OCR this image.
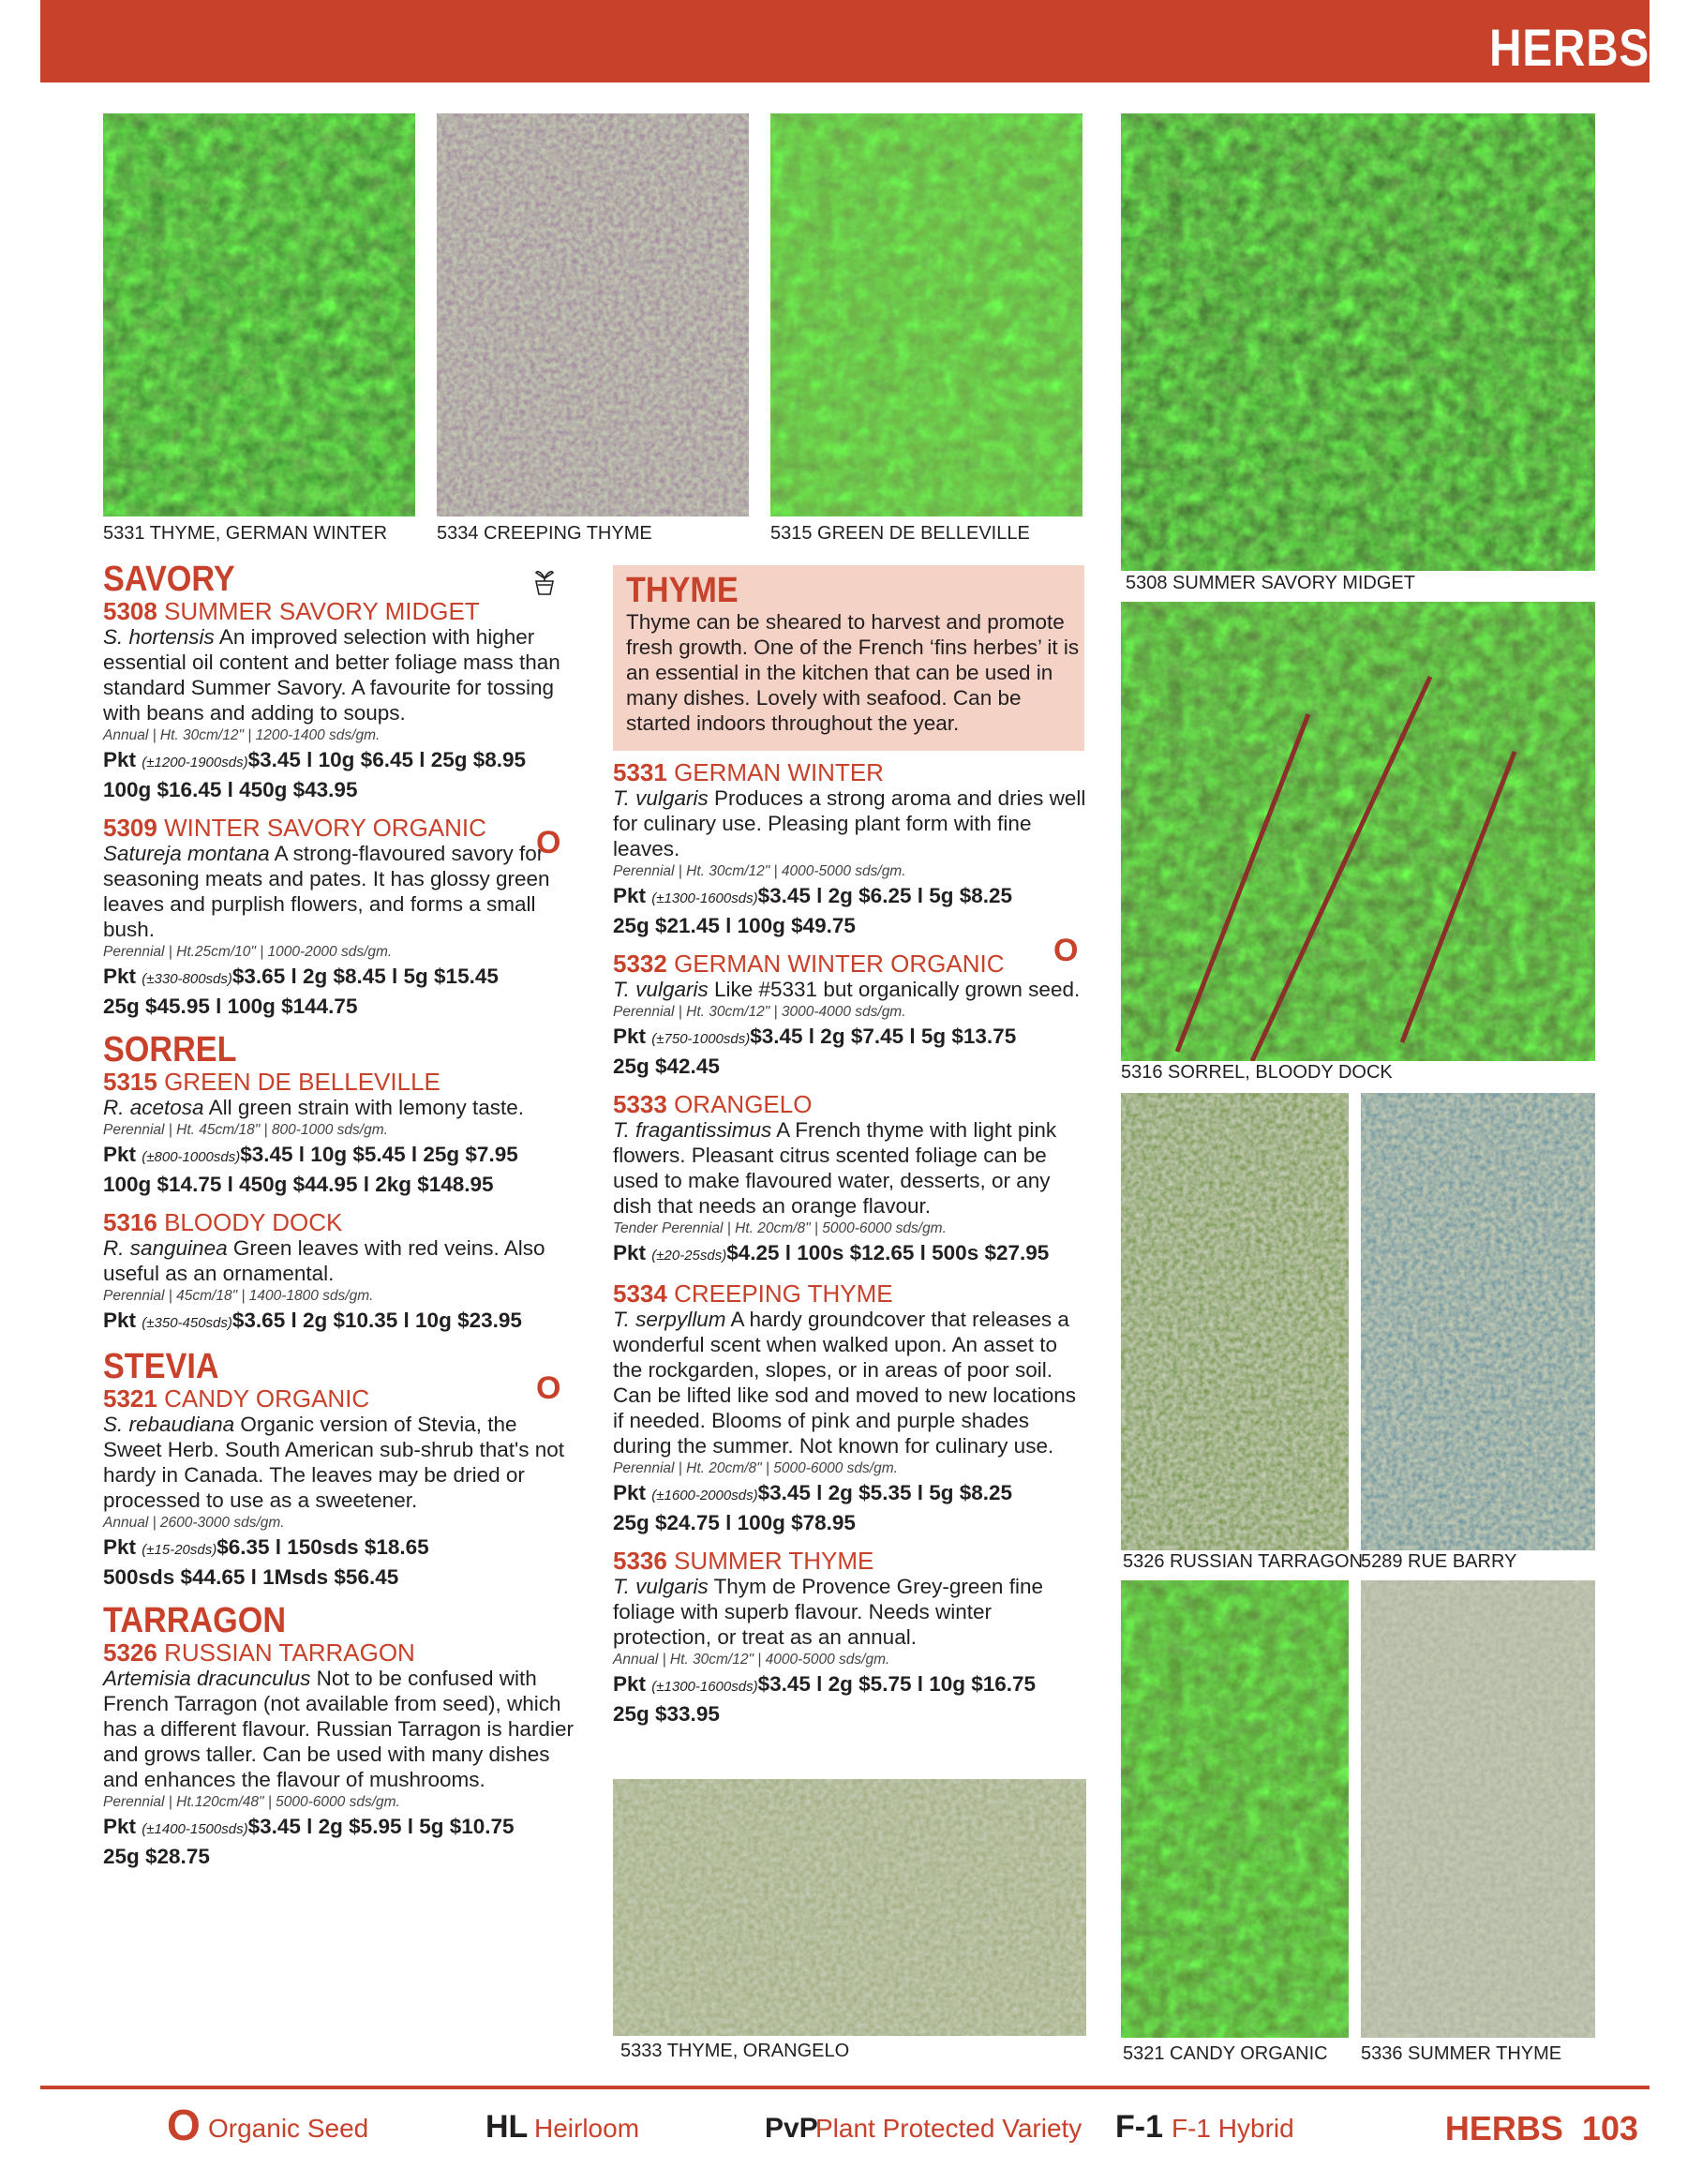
HERBS
5331 THYME, GERMAN WINTER	5334 CREEPING THYME	5315 GREEN DE BELLEVILLE
5308 SUMMER SAVORY MIDGET
5316 SORREL, BLOODY DOCK
5326 RUSSIAN TARRAGON
5289 RUE BARRY
5333 THYME, ORANGELO	5321 CANDY ORGANIC 5336 SUMMER THYME
SAVORY
5308 SUMMER SAVORY MIDGET
S. hortensis An improved selection with higher essential oil content and better foliage mass than standard Summer Savory. A favourite for tossing with beans and adding to soups.
Annual | Ht. 30cm/12" | 1200-1400 sds/gm.
Pkt (±1200-1900sds)$3.45 l 10g $6.45 l 25g $8.95
100g $16.45 l 450g $43.95
5309 WINTER SAVORY ORGANIC
Satureja montana A strong-flavoured savory for seasoning meats and pates. It has glossy green leaves and purplish flowers, and forms a small bush.
Perennial | Ht.25cm/10" | 1000-2000 sds/gm.
Pkt (±330-800sds)$3.65 l 2g $8.45 l 5g $15.45
25g $45.95 l 100g $144.75
SORREL
5315 GREEN DE BELLEVILLE
R. acetosa All green strain with lemony taste.
Perennial | Ht. 45cm/18" | 800-1000 sds/gm.
Pkt (±800-1000sds)$3.45 l 10g $5.45 l 25g $7.95
100g $14.75 l 450g $44.95 l 2kg $148.95
5316 BLOODY DOCK
R. sanguinea Green leaves with red veins. Also useful as an ornamental.
Perennial | 45cm/18" | 1400-1800 sds/gm.
Pkt (±350-450sds)$3.65 l 2g $10.35 l 10g $23.95
STEVIA
5321 CANDY ORGANIC
S. rebaudiana Organic version of Stevia, the Sweet Herb. South American sub-shrub that's not hardy in Canada. The leaves may be dried or processed to use as a sweetener.
Annual | 2600-3000 sds/gm.
Pkt (±15-20sds)$6.35 l 150sds $18.65
500sds $44.65 l 1Msds $56.45
TARRAGON
5326 RUSSIAN TARRAGON
Artemisia dracunculus Not to be confused with French Tarragon (not available from seed), which has a different flavour. Russian Tarragon is hardier and grows taller. Can be used with many dishes and enhances the flavour of mushrooms.
Perennial | Ht.120cm/48" | 5000-6000 sds/gm.
Pkt (±1400-1500sds)$3.45 l 2g $5.95 l 5g $10.75
25g $28.75
O
O
THYME
Thyme can be sheared to harvest and promote fresh growth. One of the French ‘fins herbes’ it is an essential in the kitchen that can be used in many dishes. Lovely with seafood. Can be started indoors throughout the year.
5331 GERMAN WINTER
T. vulgaris Produces a strong aroma and dries well for culinary use. Pleasing plant form with fine leaves.
Perennial | Ht. 30cm/12" | 4000-5000 sds/gm.
Pkt (±1300-1600sds)$3.45 l 2g $6.25 l 5g $8.25
25g $21.45 l 100g $49.75
5332 GERMAN WINTER ORGANIC
T. vulgaris Like #5331 but organically grown seed.
Perennial | Ht. 30cm/12" | 3000-4000 sds/gm.
Pkt (±750-1000sds)$3.45 l 2g $7.45 l 5g $13.75
25g $42.45
5333 ORANGELO
T. fragantissimus A French thyme with light pink flowers. Pleasant citrus scented foliage can be used to make flavoured water, desserts, or any dish that needs an orange flavour.
Tender Perennial | Ht. 20cm/8" | 5000-6000 sds/gm.
Pkt (±20-25sds)$4.25 l 100s $12.65 l 500s $27.95
5334 CREEPING THYME
T. serpyllum A hardy groundcover that releases a wonderful scent when walked upon. An asset to the rockgarden, slopes, or in areas of poor soil. Can be lifted like sod and moved to new locations if needed. Blooms of pink and purple shades during the summer. Not known for culinary use.
Perennial | Ht. 20cm/8" | 5000-6000 sds/gm.
Pkt (±1600-2000sds)$3.45 l 2g $5.35 l 5g $8.25
25g $24.75 l 100g $78.95
5336 SUMMER THYME
T. vulgaris Thym de Provence Grey-green fine foliage with superb flavour. Needs winter protection, or treat as an annual.
Annual | Ht. 30cm/12" | 4000-5000 sds/gm.
Pkt (±1300-1600sds)$3.45 l 2g $5.75 l 10g $16.75
25g $33.95
O
O Organic Seed	HL Heirloom	PvP
Plant Protected Variety F-1 F-1 Hybrid	HERBS 103
